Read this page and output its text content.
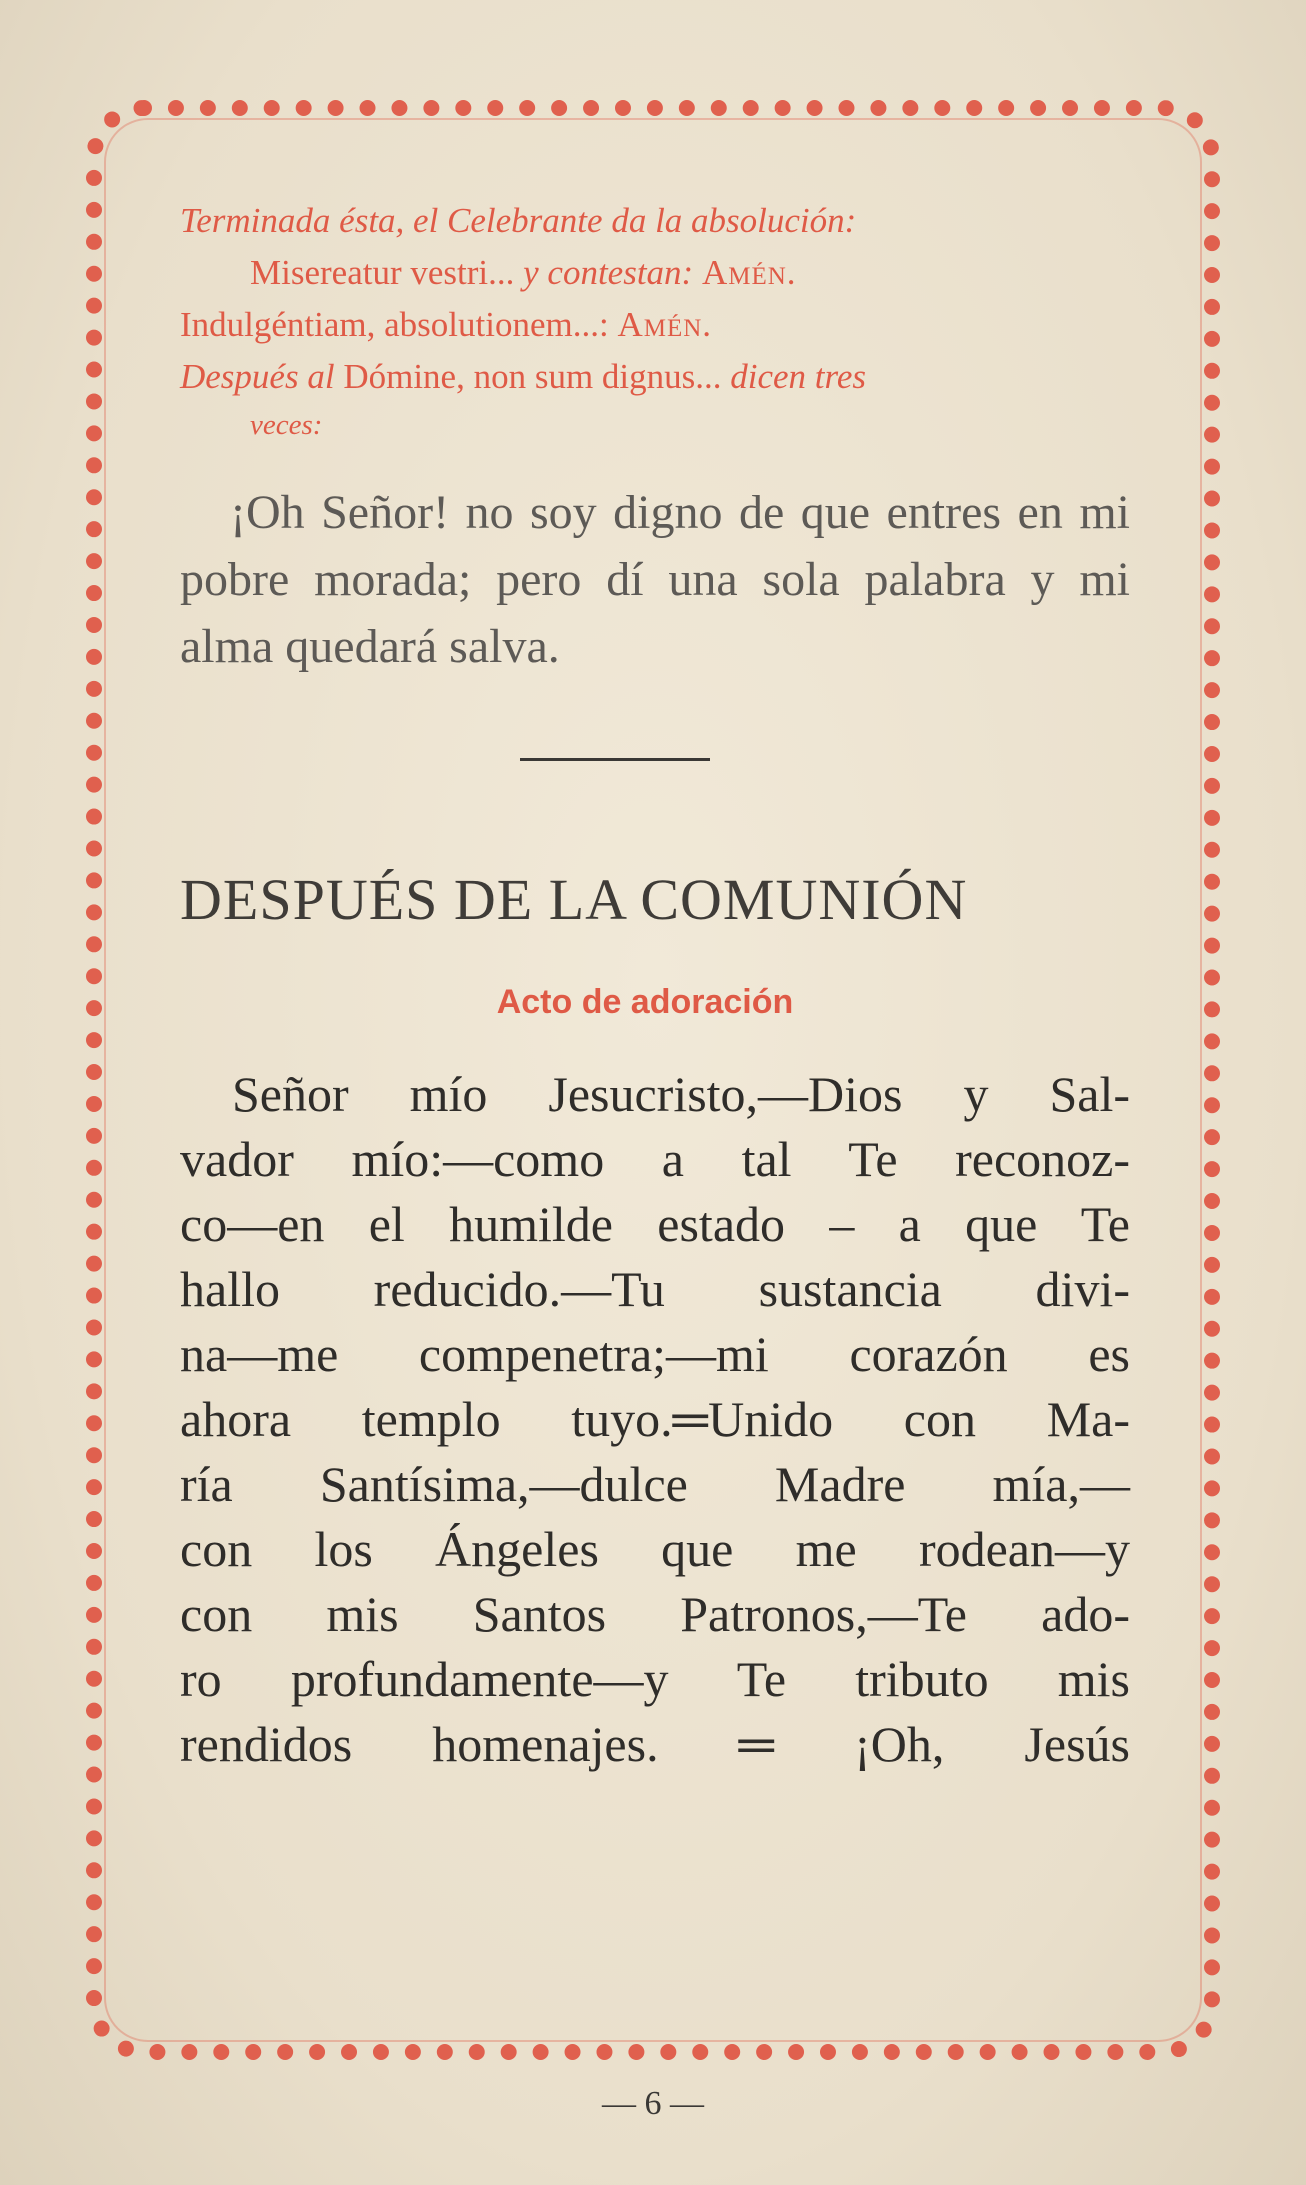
Terminada ésta, el Celebrante da la absolución:
Misereatur vestri... y contestan: Amén.
Indulgéntiam, absolutionem...: Amén.
Después al Dómine, non sum dignus... dicen tres
veces:
¡Oh Señor! no soy digno de que entres en mi pobre morada; pero dí una sola palabra y mi alma quedará salva.
DESPUÉS DE LA COMUNIÓN
Acto de adoración
Señor mío Jesucristo,—Dios y Sal-
vador mío:—como a tal Te reconoz-
co—en el humilde estado – a que Te
hallo reducido.—Tu sustancia divi-
na—me compenetra;—mi corazón es
ahora templo tuyo.═Unido con Ma-
ría Santísima,—dulce Madre mía,—
con los Ángeles que me rodean—y
con mis Santos Patronos,—Te ado-
ro profundamente—y Te tributo mis
rendidos homenajes. ═ ¡Oh, Jesús
— 6 —
